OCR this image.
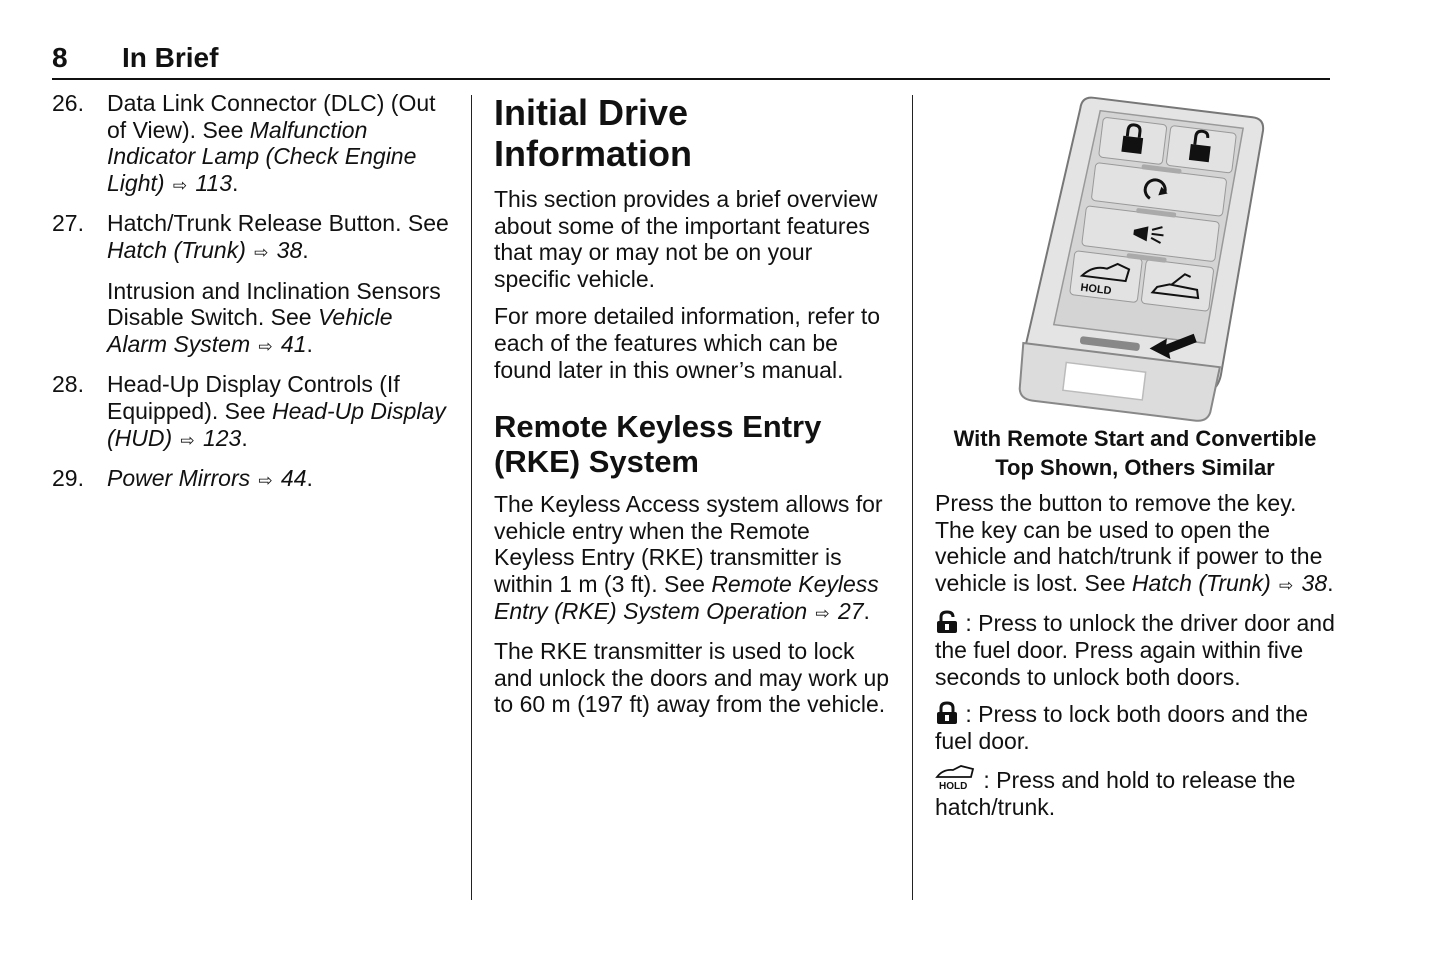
8 In Brief
26. Data Link Connector (DLC) (Out of View). See Malfunction Indicator Lamp (Check Engine Light) ⇨ 113.
27. Hatch/Trunk Release Button. See Hatch (Trunk) ⇨ 38.
Intrusion and Inclination Sensors Disable Switch. See Vehicle Alarm System ⇨ 41.
28. Head-Up Display Controls (If Equipped). See Head-Up Display (HUD) ⇨ 123.
29. Power Mirrors ⇨ 44.
Initial Drive Information

This section provides a brief overview about some of the important features that may or may not be on your specific vehicle.

For more detailed information, refer to each of the features which can be found later in this owner’s manual.

Remote Keyless Entry (RKE) System

The Keyless Access system allows for vehicle entry when the Remote Keyless Entry (RKE) transmitter is within 1 m (3 ft). See Remote Keyless Entry (RKE) System Operation ⇨ 27.

The RKE transmitter is used to lock and unlock the doors and may work up to 60 m (197 ft) away from the vehicle.

HOLD

With Remote Start and Convertible Top Shown, Others Similar

Press the button to remove the key. The key can be used to open the vehicle and hatch/trunk if power to the vehicle is lost. See Hatch (Trunk) ⇨ 38.

: Press to unlock the driver door and the fuel door. Press again within five seconds to unlock both doors.

: Press to lock both doors and the fuel door.

HOLD : Press and hold to release the hatch/trunk.
